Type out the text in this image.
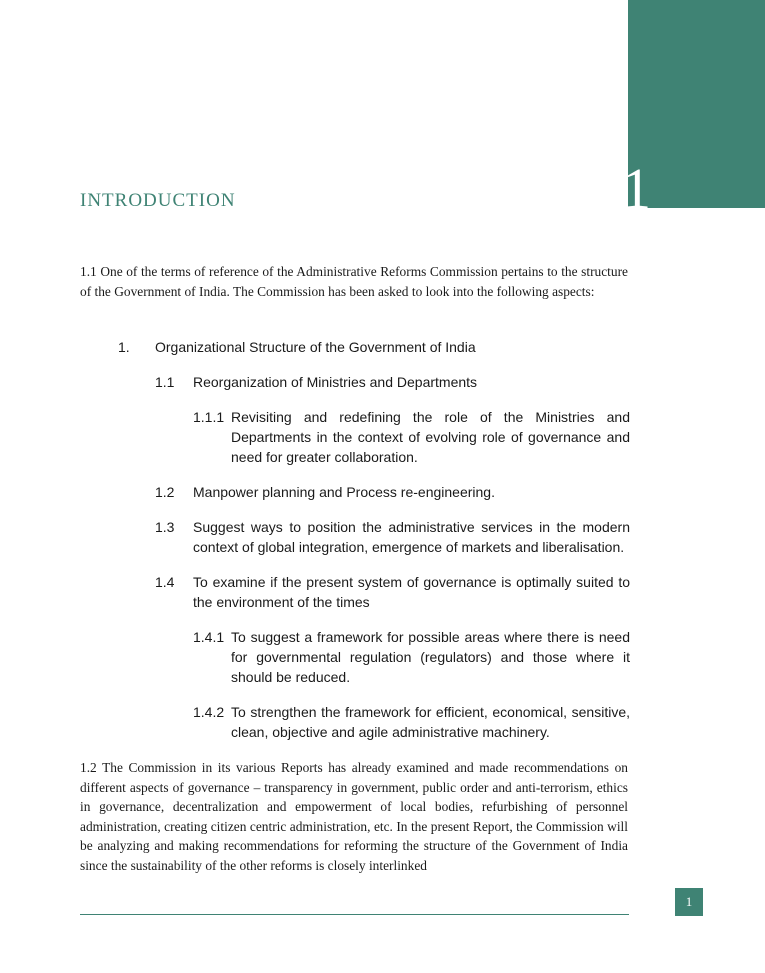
1
INTRODUCTION
1.1 One of the terms of reference of the Administrative Reforms Commission pertains to the structure of the Government of India. The Commission has been asked to look into the following aspects:
1. Organizational Structure of the Government of India
1.1 Reorganization of Ministries and Departments
1.1.1 Revisiting and redefining the role of the Ministries and Departments in the context of evolving role of governance and need for greater collaboration.
1.2 Manpower planning and Process re-engineering.
1.3 Suggest ways to position the administrative services in the modern context of global integration, emergence of markets and liberalisation.
1.4 To examine if the present system of governance is optimally suited to the environment of the times
1.4.1 To suggest a framework for possible areas where there is need for governmental regulation (regulators) and those where it should be reduced.
1.4.2 To strengthen the framework for efficient, economical, sensitive, clean, objective and agile administrative machinery.
1.2 The Commission in its various Reports has already examined and made recommendations on different aspects of governance – transparency in government, public order and anti-terrorism, ethics in governance, decentralization and empowerment of local bodies, refurbishing of personnel administration, creating citizen centric administration, etc. In the present Report, the Commission will be analyzing and making recommendations for reforming the structure of the Government of India since the sustainability of the other reforms is closely interlinked
1
